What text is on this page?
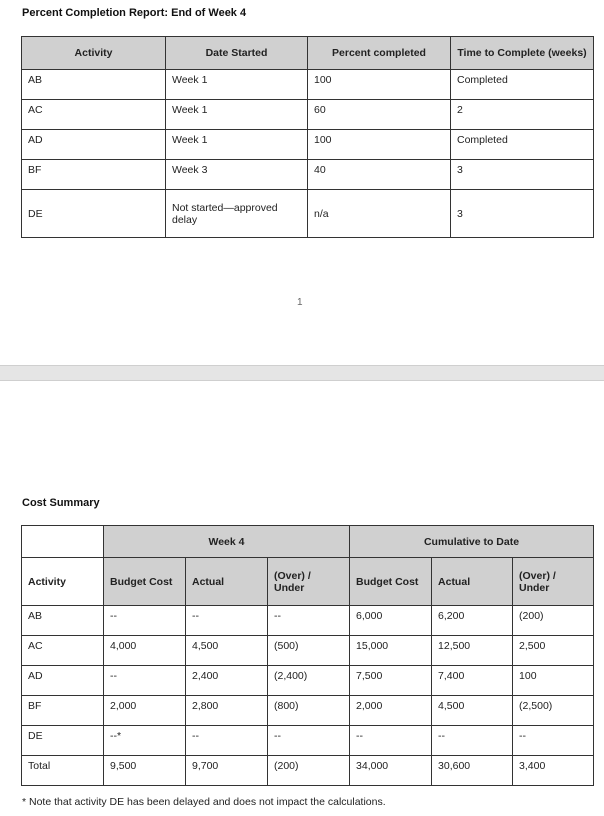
Percent Completion Report: End of Week 4
Activity	Date Started	Percent completed	Time to Complete (weeks)
AB	Week 1	100	Completed
AC	Week 1	60	2
AD	Week 1	100	Completed
BF	Week 3	40	3
DE	Not started—approved delay	n/a	3
1
Cost Summary
	Week 4			Cumulative to Date		
Activity	Budget Cost	Actual	(Over) / Under	Budget Cost	Actual	(Over) / Under
AB	--	--	--	6,000	6,200	(200)
AC	4,000	4,500	(500)	15,000	12,500	2,500
AD	--	2,400	(2,400)	7,500	7,400	100
BF	2,000	2,800	(800)	2,000	4,500	(2,500)
DE	--*	--	--	--	--	--
Total	9,500	9,700	(200)	34,000	30,600	3,400
* Note that activity DE has been delayed and does not impact the calculations.
